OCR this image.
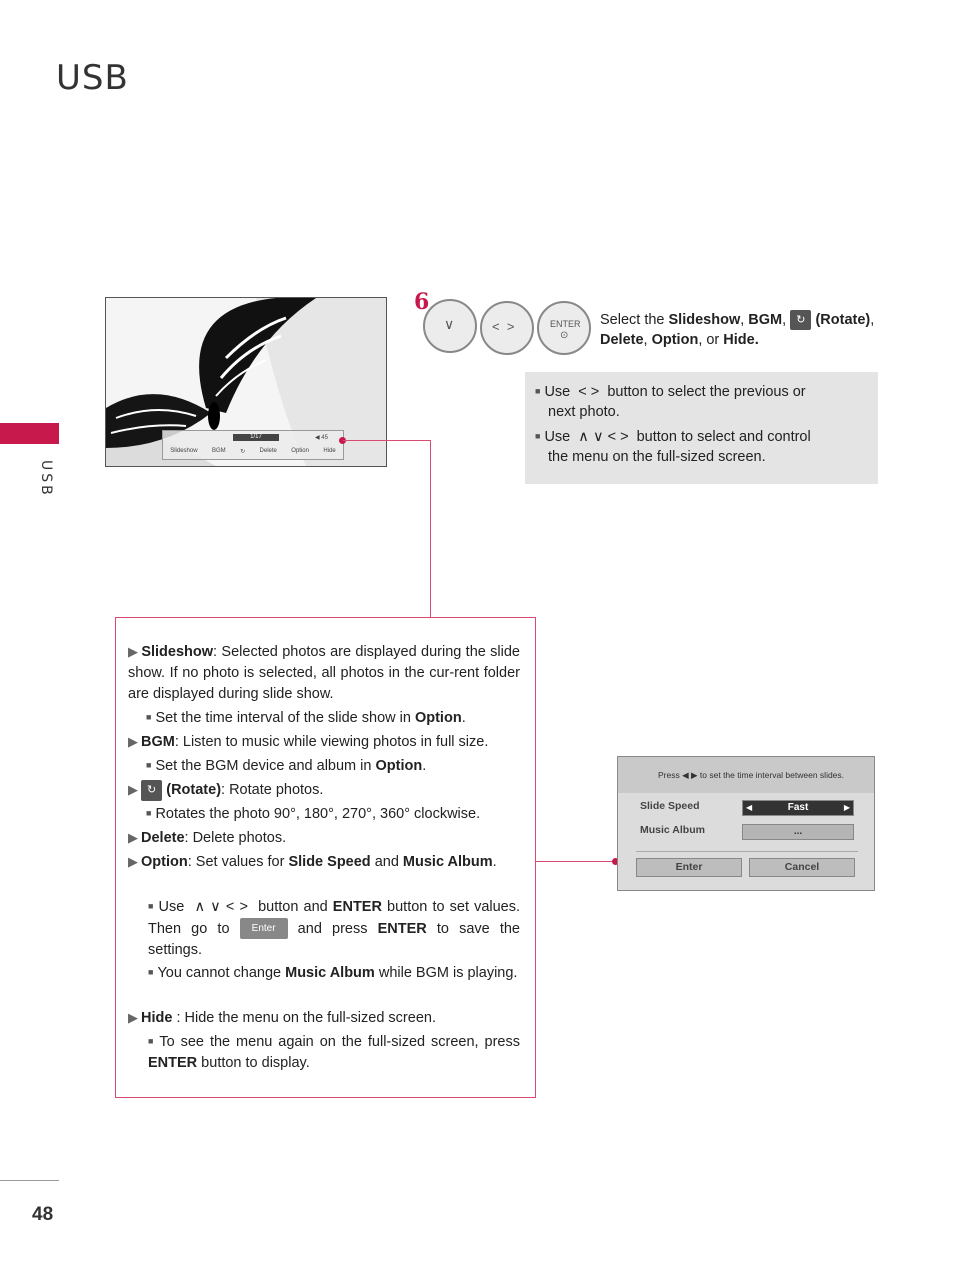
USB
USB
48
1/17	◀ 45
Slideshow BGM ↻ Delete Option Hide
6
∨	<  >	ENTER
⊙
Select the Slideshow, BGM, ↻ (Rotate),
Delete, Option, or Hide.
■ Use < > button to select the previous or
next photo.
■ Use ∧ ∨ < > button to select and control
the menu on the full-sized screen.
▶ Slideshow: Selected photos are displayed during the slide show. If no photo is selected, all photos in the cur-rent folder are displayed during slide show.
■ Set the time interval of the slide show in Option.
▶ BGM: Listen to music while viewing photos in full size.
■ Set the BGM device and album in Option.
▶ ↻ (Rotate): Rotate photos.
■ Rotates the photo 90°, 180°, 270°, 360° clockwise.
▶ Delete: Delete photos.
▶ Option: Set values for Slide Speed and Music Album.
■ Use ∧ ∨ < >  button and ENTER button to set values. Then go to Enter and press ENTER to save the settings.
■ You cannot change Music Album while BGM is playing.
▶ Hide : Hide the menu on the full-sized screen.
■ To see the menu again on the full-sized screen, press ENTER button to display.
Press ◀ ▶ to set the time interval between slides.
Slide Speed	◀	Fast	▶
Music Album	...
Enter	Cancel
